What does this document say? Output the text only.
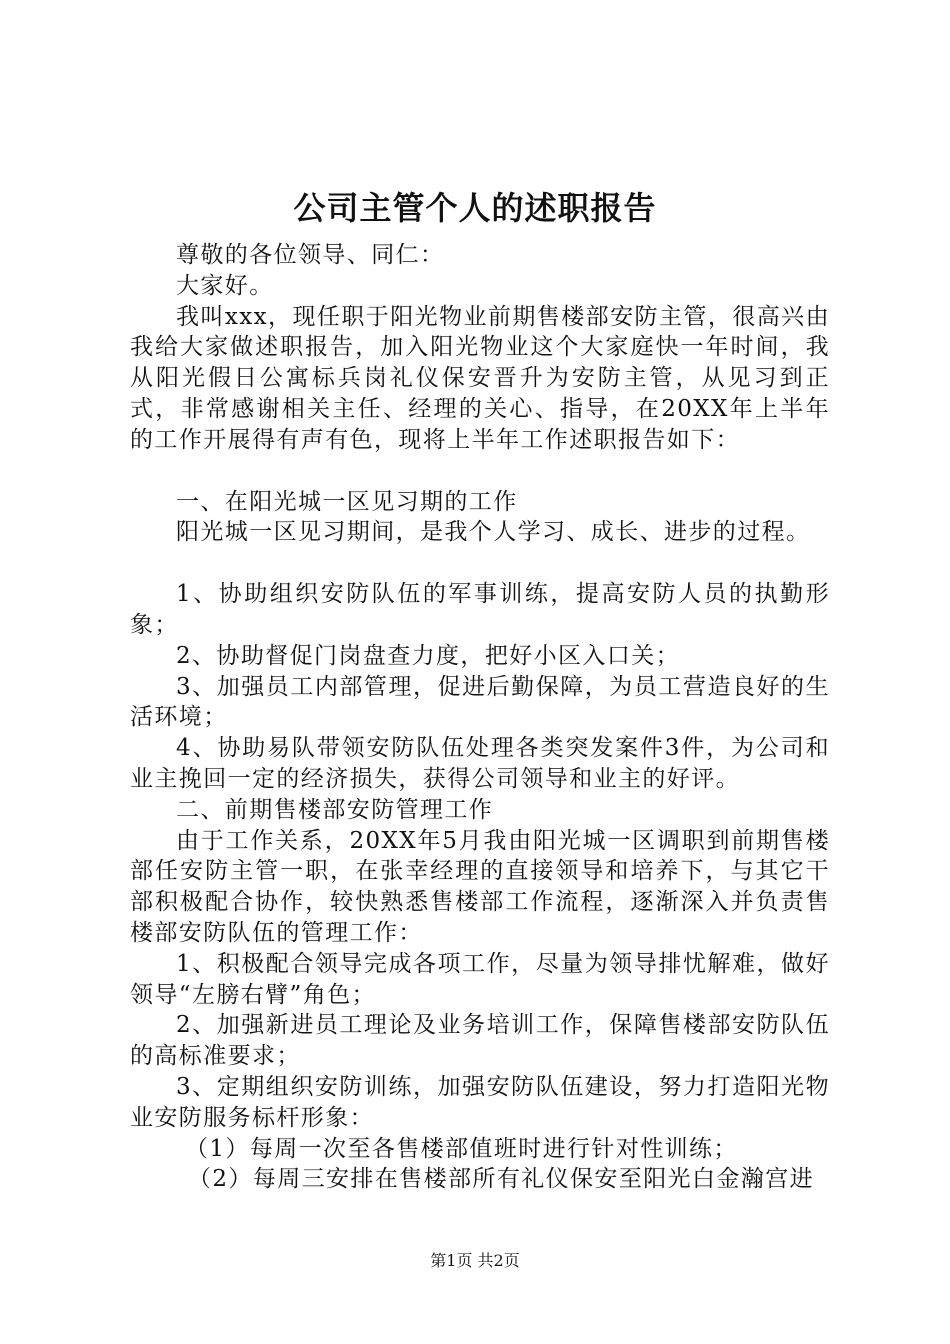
公司主管个人的述职报告

尊敬的各位领导、同仁：

大家好。

我叫xxx，现任职于阳光物业前期售楼部安防主管，很高兴由我给大家做述职报告，加入阳光物业这个大家庭快一年时间，我从阳光假日公寓标兵岗礼仪保安晋升为安防主管，从见习到正式，非常感谢相关主任、经理的关心、指导，在20XX年上半年的工作开展得有声有色，现将上半年工作述职报告如下：

一、在阳光城一区见习期的工作

阳光城一区见习期间，是我个人学习、成长、进步的过程。

1、协助组织安防队伍的军事训练，提高安防人员的执勤形象；

2、协助督促门岗盘查力度，把好小区入口关；

3、加强员工内部管理，促进后勤保障，为员工营造良好的生活环境；

4、协助易队带领安防队伍处理各类突发案件3件，为公司和业主挽回一定的经济损失，获得公司领导和业主的好评。

二、前期售楼部安防管理工作

由于工作关系，20XX年5月我由阳光城一区调职到前期售楼部任安防主管一职，在张幸经理的直接领导和培养下，与其它干部积极配合协作，较快熟悉售楼部工作流程，逐渐深入并负责售楼部安防队伍的管理工作：

1、积极配合领导完成各项工作，尽量为领导排忧解难，做好领导“左膀右臂”角色；

2、加强新进员工理论及业务培训工作，保障售楼部安防队伍的高标准要求；

3、定期组织安防训练，加强安防队伍建设，努力打造阳光物业安防服务标杆形象：

（1）每周一次至各售楼部值班时进行针对性训练；

（2）每周三安排在售楼部所有礼仪保安至阳光白金瀚宫进

第1页 共2页
